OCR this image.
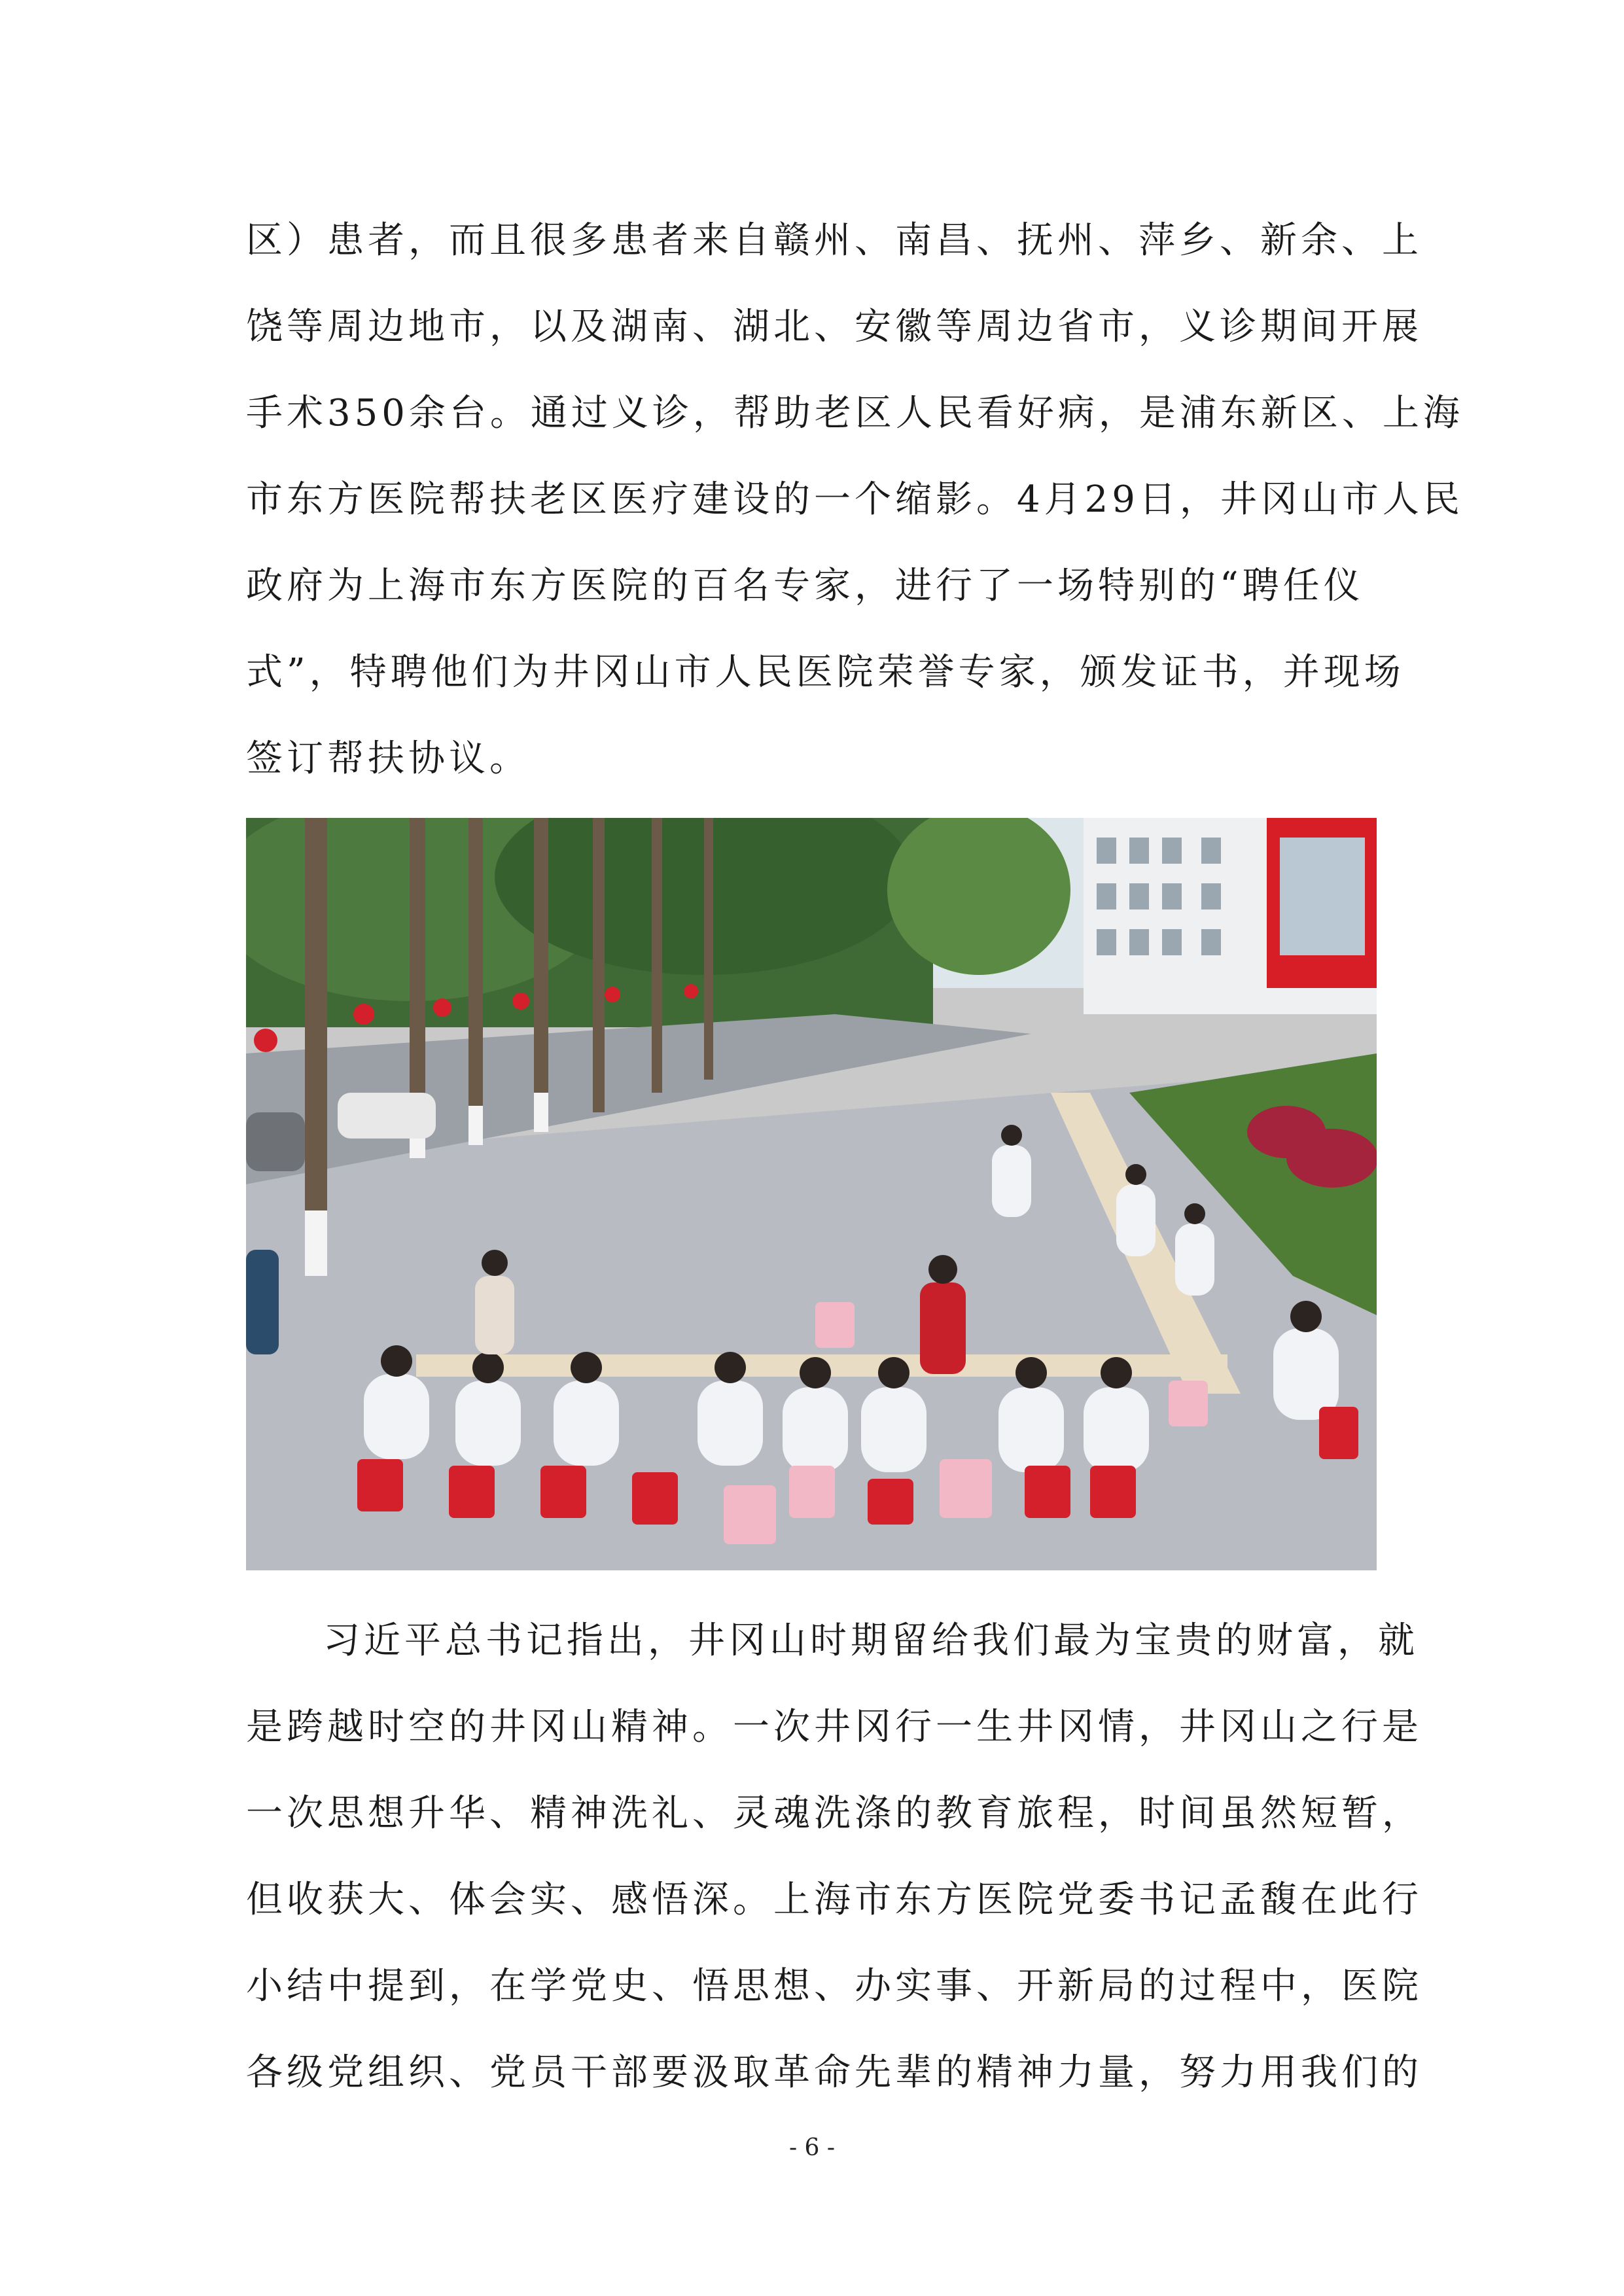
区）患者，而且很多患者来自赣州、南昌、抚州、萍乡、新余、上
饶等周边地市，以及湖南、湖北、安徽等周边省市，义诊期间开展
手术350余台。通过义诊，帮助老区人民看好病，是浦东新区、上海
市东方医院帮扶老区医疗建设的一个缩影。4月29日，井冈山市人民
政府为上海市东方医院的百名专家，进行了一场特别的“聘任仪
式”，特聘他们为井冈山市人民医院荣誉专家，颁发证书，并现场
签订帮扶协议。
习近平总书记指出，井冈山时期留给我们最为宝贵的财富，就
是跨越时空的井冈山精神。一次井冈行一生井冈情，井冈山之行是
一次思想升华、精神洗礼、灵魂洗涤的教育旅程，时间虽然短暂，
但收获大、体会实、感悟深。上海市东方医院党委书记孟馥在此行
小结中提到，在学党史、悟思想、办实事、开新局的过程中，医院
各级党组织、党员干部要汲取革命先辈的精神力量，努力用我们的
- 6 -
